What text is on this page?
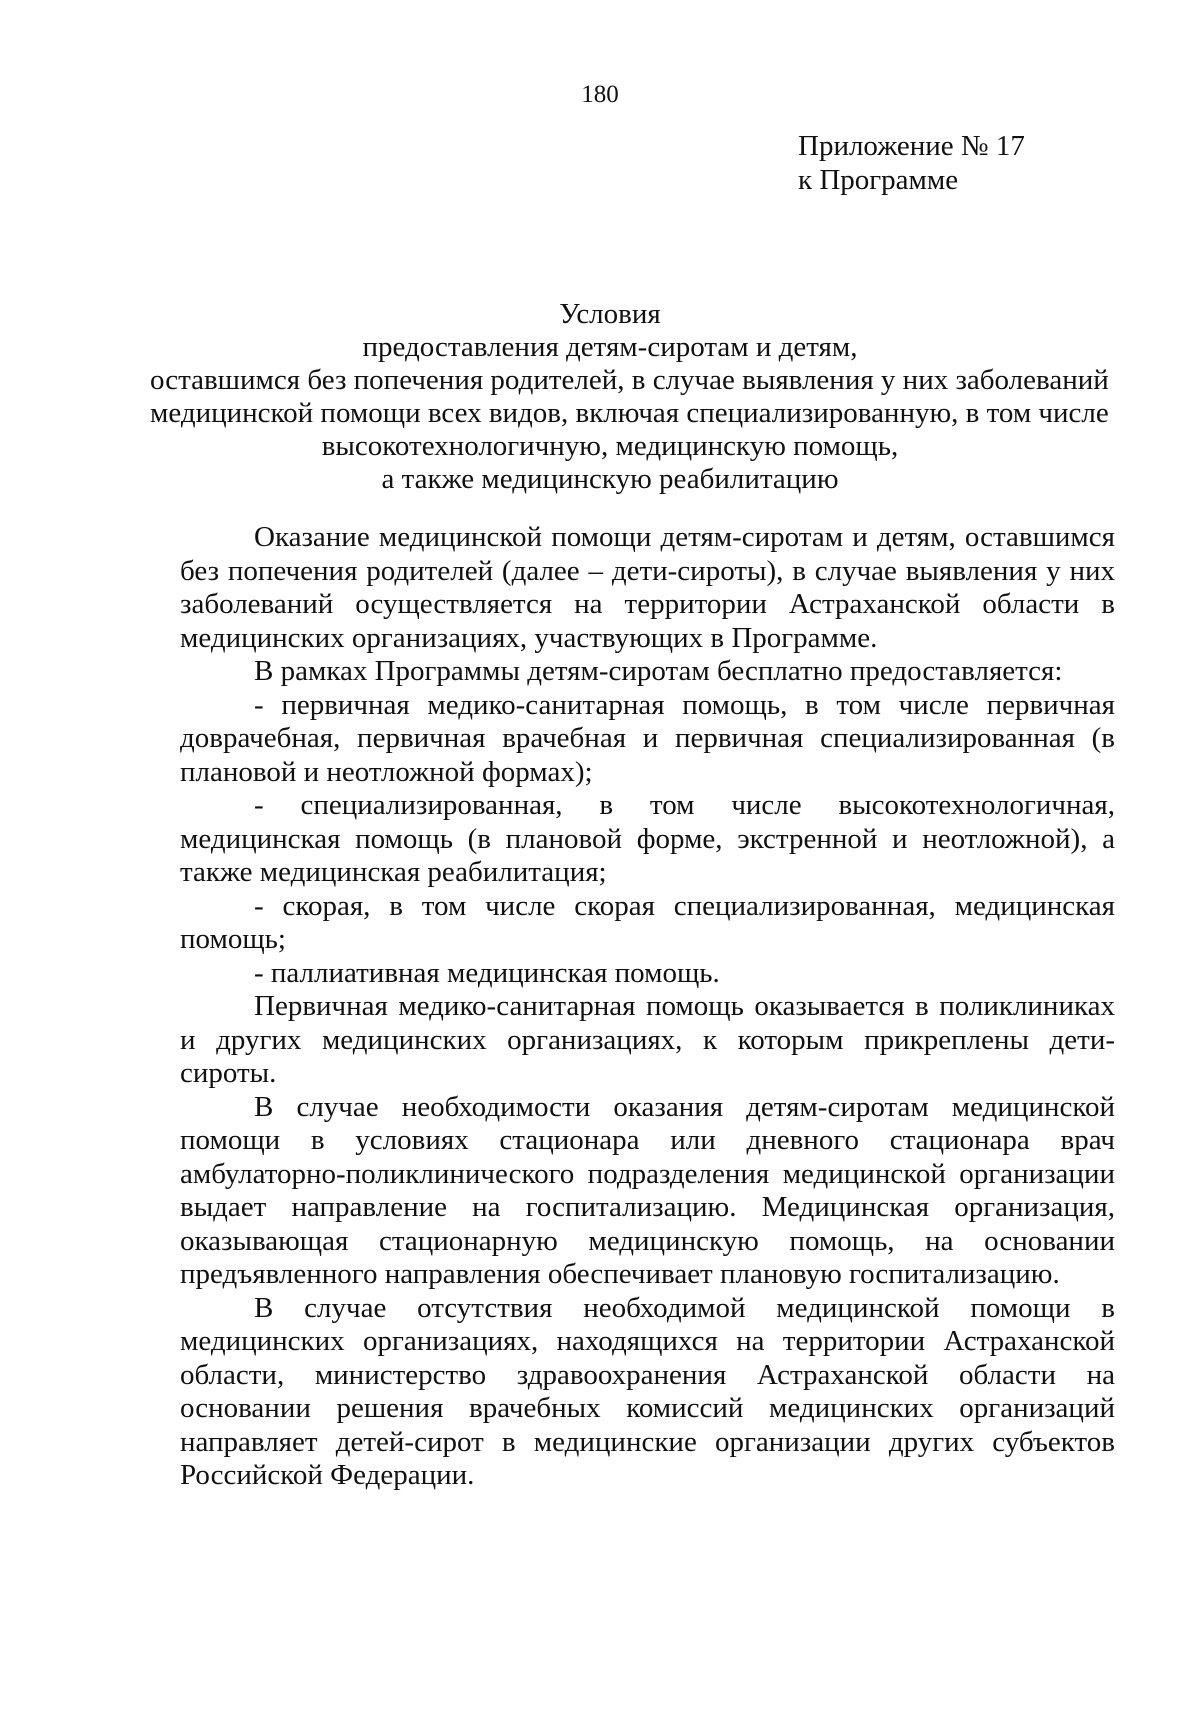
180
Приложение № 17
к Программе
Условия
предоставления детям-сиротам и детям,
оставшимся без попечения родителей, в случае выявления у них заболеваний
медицинской помощи всех видов, включая специализированную, в том числе
высокотехнологичную, медицинскую помощь,
а также медицинскую реабилитацию

Оказание медицинской помощи детям-сиротам и детям, оставшимся без попечения родителей (далее – дети-сироты), в случае выявления у них заболеваний осуществляется на территории Астраханской области в медицинских организациях, участвующих в Программе.

В рамках Программы детям-сиротам бесплатно предоставляется:

- первичная медико-санитарная помощь, в том числе первичная доврачебная, первичная врачебная и первичная специализированная (в плановой и неотложной формах);

- специализированная, в том числе высокотехнологичная, медицинская помощь (в плановой форме, экстренной и неотложной), а также медицинская реабилитация;

- скорая, в том числе скорая специализированная, медицинская помощь;

- паллиативная медицинская помощь.

Первичная медико-санитарная помощь оказывается в поликлиниках и других медицинских организациях, к которым прикреплены дети-сироты.

В случае необходимости оказания детям-сиротам медицинской помощи в условиях стационара или дневного стационара врач амбулаторно-поликлинического подразделения медицинской организации выдает направление на госпитализацию. Медицинская организация, оказывающая стационарную медицинскую помощь, на основании предъявленного направления обеспечивает плановую госпитализацию.

В случае отсутствия необходимой медицинской помощи в медицинских организациях, находящихся на территории Астраханской области, министерство здравоохранения Астраханской области на основании решения врачебных комиссий медицинских организаций направляет детей-сирот в медицинские организации других субъектов Российской Федерации.
